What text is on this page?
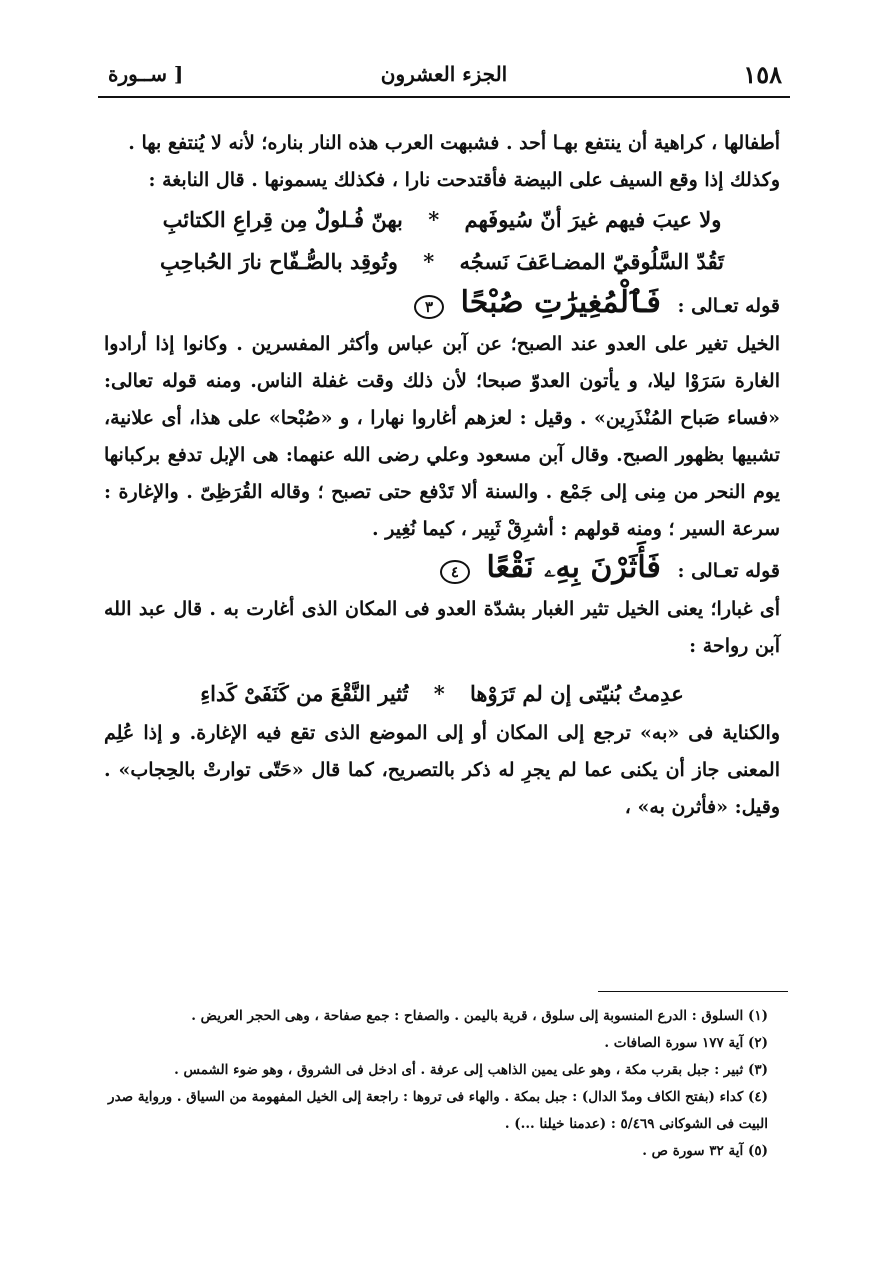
١٥٨
الجزء العشرون
[ ســورة

أطفالها ، كراهية أن ينتفع بهـا أحد . فشبهت العرب هذه النار بناره؛ لأنه لا يُنتفع بها .

وكذلك إذا وقع السيف على البيضة فأقتدحت نارا ، فكذلك يسمونها . قال النابغة :

ولا عيبَ فيهم غيرَ أنّ سُيوفَهم * بهنّ فُـلولٌ مِن قِراعِ الكتائبِ

تَقُدّ السَّلُوقيّ المضـاعَفَ نَسجُه * وتُوقِد بالصُّـفّاح نارَ الحُباحِبِ

قوله تعـالى : فَٱلْمُغِيرَٰتِ صُبْحًا ٣

الخيل تغير على العدو عند الصبح؛ عن آبن عباس وأكثر المفسرين . وكانوا إذا أرادوا الغارة سَرَوْا ليلا، و يأتون العدوّ صبحا؛ لأن ذلك وقت غفلة الناس. ومنه قوله تعالى: «فساء صَباح المُنْذَرِين» . وقيل : لعزهم أغاروا نهارا ، و «صُبْحا» على هذا، أى علانية، تشبيها بظهور الصبح. وقال آبن مسعود وعلي رضى الله عنهما: هى الإبل تدفع بركبانها يوم النحر من مِنى إلى جَمْع . والسنة ألا تَدْفع حتى تصبح ؛ وقاله القُرَظِىّ . والإغارة : سرعة السير ؛ ومنه قولهم : أشرِقْ ثَبِير ، كيما نُغِير .

قوله تعـالى : فَأَثَرْنَ بِهِۦ نَقْعًا ٤

أى غبارا؛ يعنى الخيل تثير الغبار بشدّة العدو فى المكان الذى أغارت به . قال عبد الله آبن رواحة :

عدِمتُ بُنيّتى إن لم تَرَوْها * تُثير النَّقْعَ من كَنَفَىْ كَداءِ

والكناية فى «به» ترجع إلى المكان أو إلى الموضع الذى تقع فيه الإغارة. و إذا عُلِم المعنى جاز أن يكنى عما لم يجرِ له ذكر بالتصريح، كما قال «حَتّى توارتْ بالحِجاب» . وقيل: «فأثرن به» ،

(١) السلوق : الدرع المنسوبة إلى سلوق ، قرية باليمن . والصفاح : جمع صفاحة ، وهى الحجر العريض .
(٢) آية ١٧٧ سورة الصافات .
(٣) ثبير : جبل بقرب مكة ، وهو على يمين الذاهب إلى عرفة . أى ادخل فى الشروق ، وهو ضوء الشمس .
(٤) كداء (بفتح الكاف ومدّ الدال) : جبل بمكة . والهاء فى تروها : راجعة إلى الخيل المفهومة من السياق . ورواية صدر البيت فى الشوكانى ٥/٤٦٩ : (عدمنا خيلنا ...) .
(٥) آية ٣٢ سورة ص .
